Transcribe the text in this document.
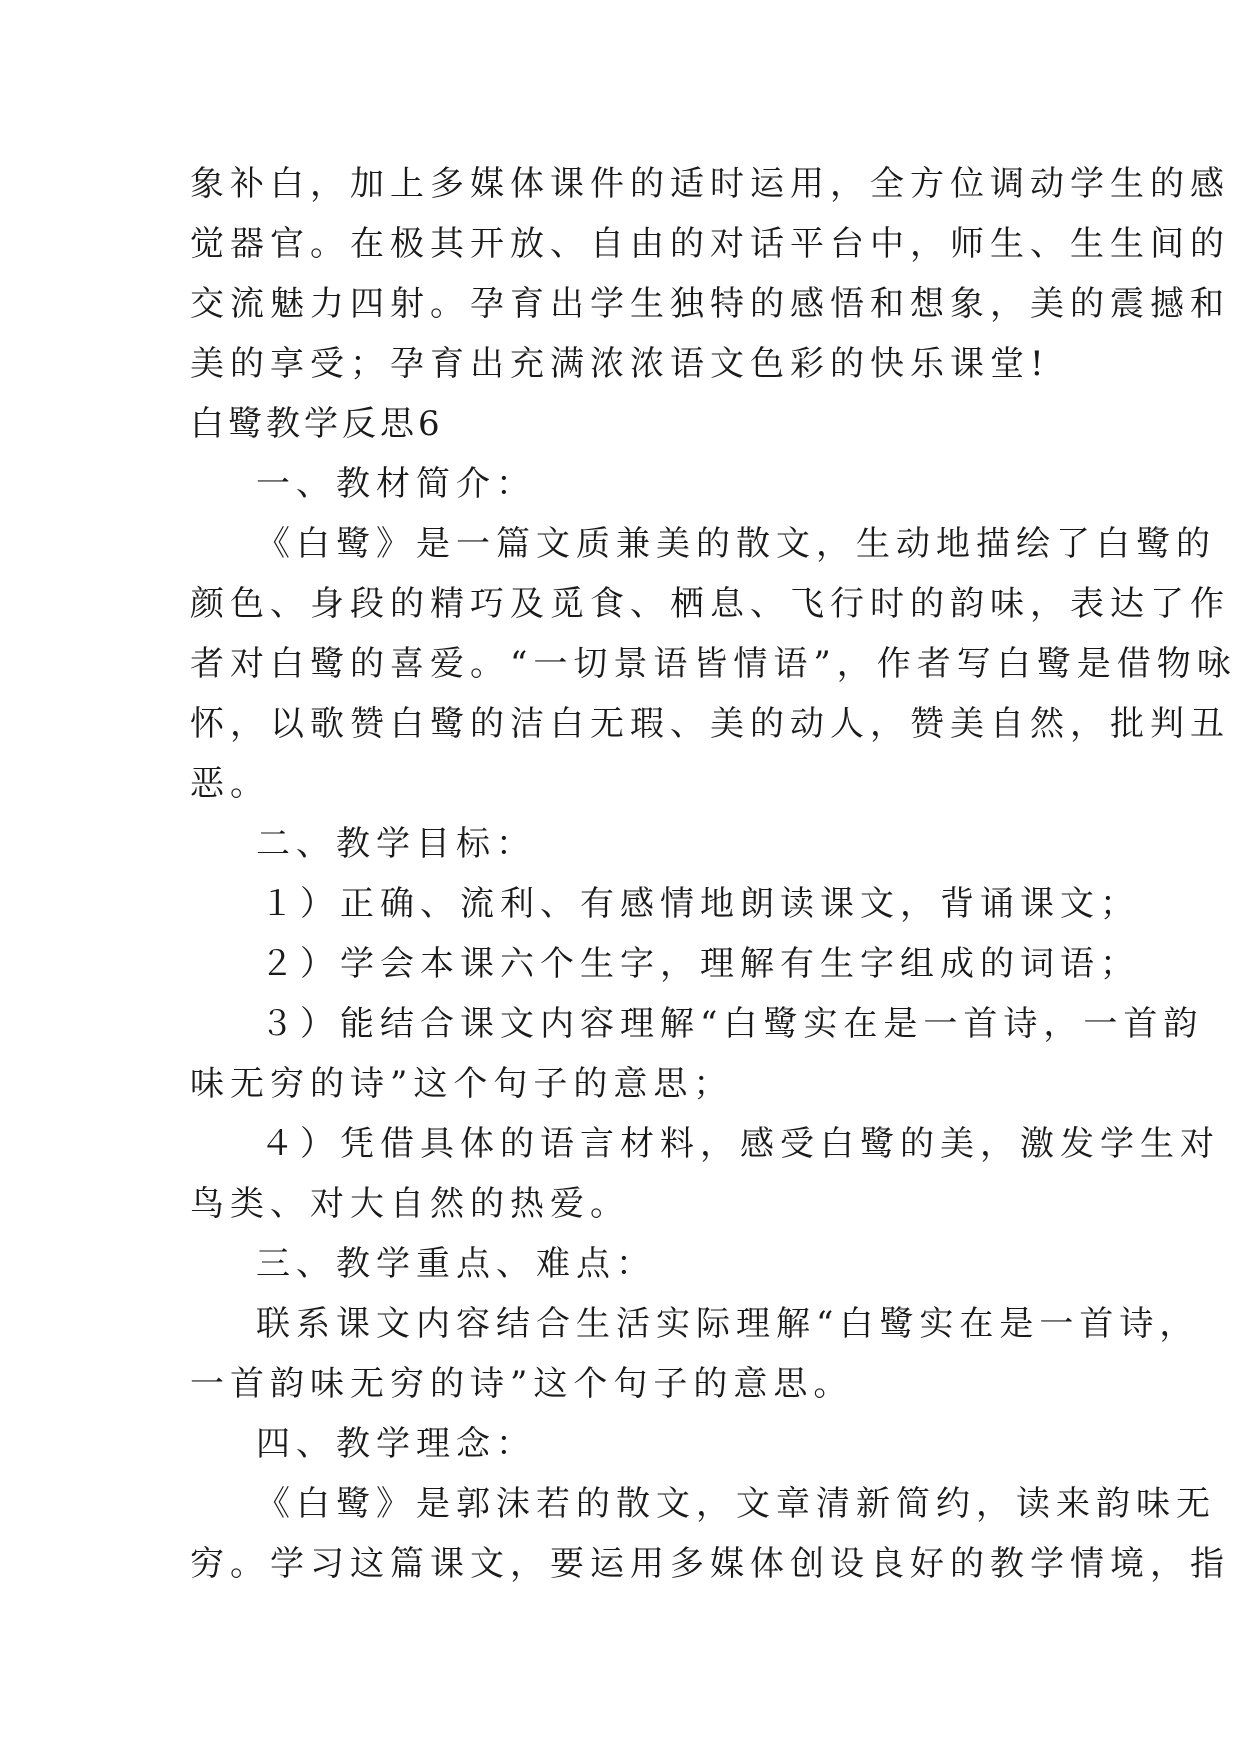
象补白，加上多媒体课件的适时运用，全方位调动学生的感

觉器官。在极其开放、自由的对话平台中，师生、生生间的

交流魅力四射。孕育出学生独特的感悟和想象，美的震撼和

美的享受；孕育出充满浓浓语文色彩的快乐课堂!

白鹭教学反思6

一、教材简介：

《白鹭》是一篇文质兼美的散文，生动地描绘了白鹭的

颜色、身段的精巧及觅食、栖息、飞行时的韵味，表达了作

者对白鹭的喜爱。“一切景语皆情语”，作者写白鹭是借物咏

怀，以歌赞白鹭的洁白无瑕、美的动人，赞美自然，批判丑

恶。

二、教学目标：

１）正确、流利、有感情地朗读课文，背诵课文；

２）学会本课六个生字，理解有生字组成的词语；

３）能结合课文内容理解“白鹭实在是一首诗，一首韵

味无穷的诗”这个句子的意思；

４）凭借具体的语言材料，感受白鹭的美，激发学生对

鸟类、对大自然的热爱。

三、教学重点、难点：

联系课文内容结合生活实际理解“白鹭实在是一首诗，

一首韵味无穷的诗”这个句子的意思。

四、教学理念：

《白鹭》是郭沫若的散文，文章清新简约，读来韵味无

穷。学习这篇课文，要运用多媒体创设良好的教学情境，指
